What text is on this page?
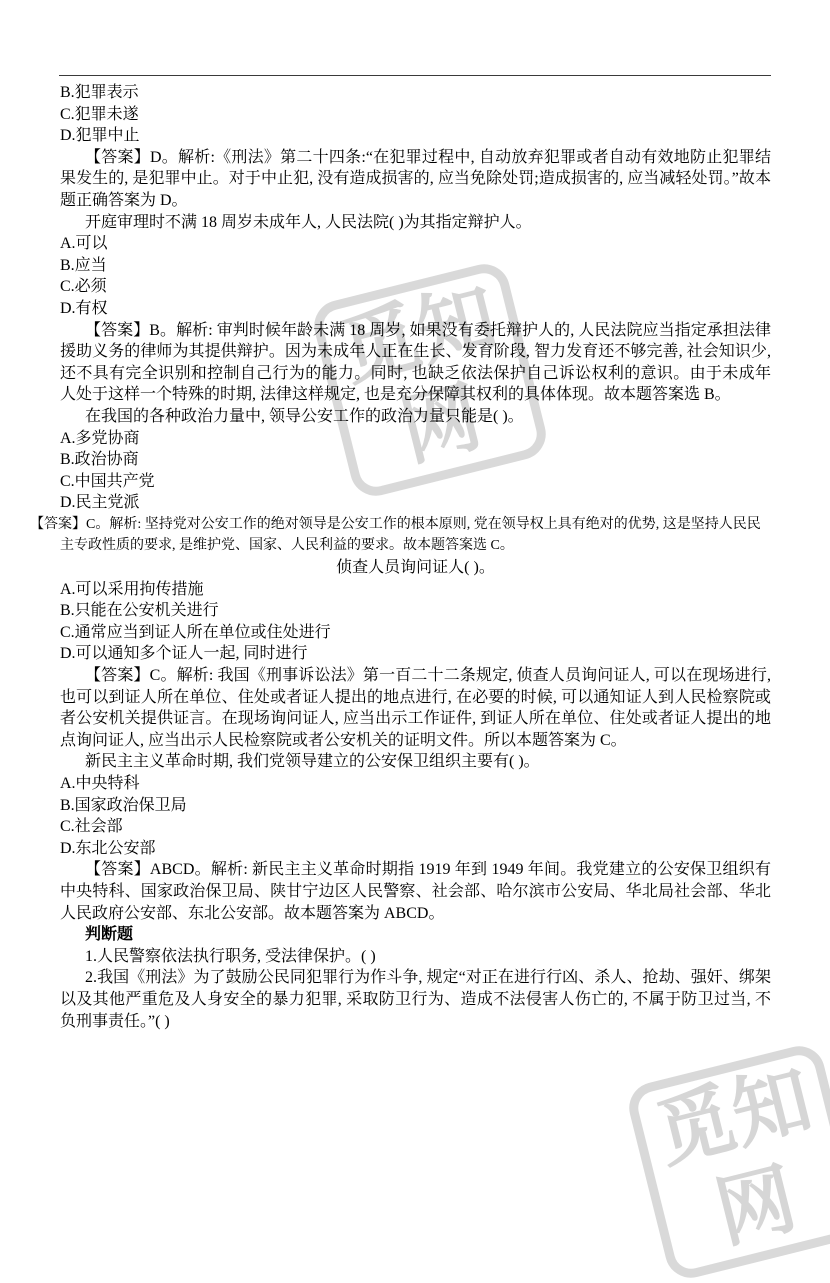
觅知网
觅知网

B.犯罪表示

C.犯罪未遂

D.犯罪中止

【答案】D。解析:《刑法》第二十四条:“在犯罪过程中, 自动放弃犯罪或者自动有效地防止犯罪结果发生的, 是犯罪中止。对于中止犯, 没有造成损害的, 应当免除处罚;造成损害的, 应当减轻处罚。”故本题正确答案为 D。

开庭审理时不满 18 周岁未成年人, 人民法院( )为其指定辩护人。

A.可以

B.应当

C.必须

D.有权

【答案】B。解析: 审判时候年龄未满 18 周岁, 如果没有委托辩护人的, 人民法院应当指定承担法律援助义务的律师为其提供辩护。因为未成年人正在生长、发育阶段, 智力发育还不够完善, 社会知识少, 还不具有完全识别和控制自己行为的能力。同时, 也缺乏依法保护自己诉讼权利的意识。由于未成年人处于这样一个特殊的时期, 法律这样规定, 也是充分保障其权利的具体体现。故本题答案选 B。

在我国的各种政治力量中, 领导公安工作的政治力量只能是( )。

A.多党协商

B.政治协商

C.中国共产党

D.民主党派

【答案】C。解析: 坚持党对公安工作的绝对领导是公安工作的根本原则, 党在领导权上具有绝对的优势, 这是坚持人民民主专政性质的要求, 是维护党、国家、人民利益的要求。故本题答案选 C。

侦查人员询问证人( )。

A.可以采用拘传措施

B.只能在公安机关进行

C.通常应当到证人所在单位或住处进行

D.可以通知多个证人一起, 同时进行

【答案】C。解析: 我国《刑事诉讼法》第一百二十二条规定, 侦查人员询问证人, 可以在现场进行, 也可以到证人所在单位、住处或者证人提出的地点进行, 在必要的时候, 可以通知证人到人民检察院或者公安机关提供证言。在现场询问证人, 应当出示工作证件, 到证人所在单位、住处或者证人提出的地点询问证人, 应当出示人民检察院或者公安机关的证明文件。所以本题答案为 C。

新民主主义革命时期, 我们党领导建立的公安保卫组织主要有( )。

A.中央特科

B.国家政治保卫局

C.社会部

D.东北公安部

【答案】ABCD。解析: 新民主主义革命时期指 1919 年到 1949 年间。我党建立的公安保卫组织有中央特科、国家政治保卫局、陕甘宁边区人民警察、社会部、哈尔滨市公安局、华北局社会部、华北人民政府公安部、东北公安部。故本题答案为 ABCD。

判断题

1.人民警察依法执行职务, 受法律保护。( )

2.我国《刑法》为了鼓励公民同犯罪行为作斗争, 规定“对正在进行行凶、杀人、抢劫、强奸、绑架以及其他严重危及人身安全的暴力犯罪, 采取防卫行为、造成不法侵害人伤亡的, 不属于防卫过当, 不负刑事责任。”( )
